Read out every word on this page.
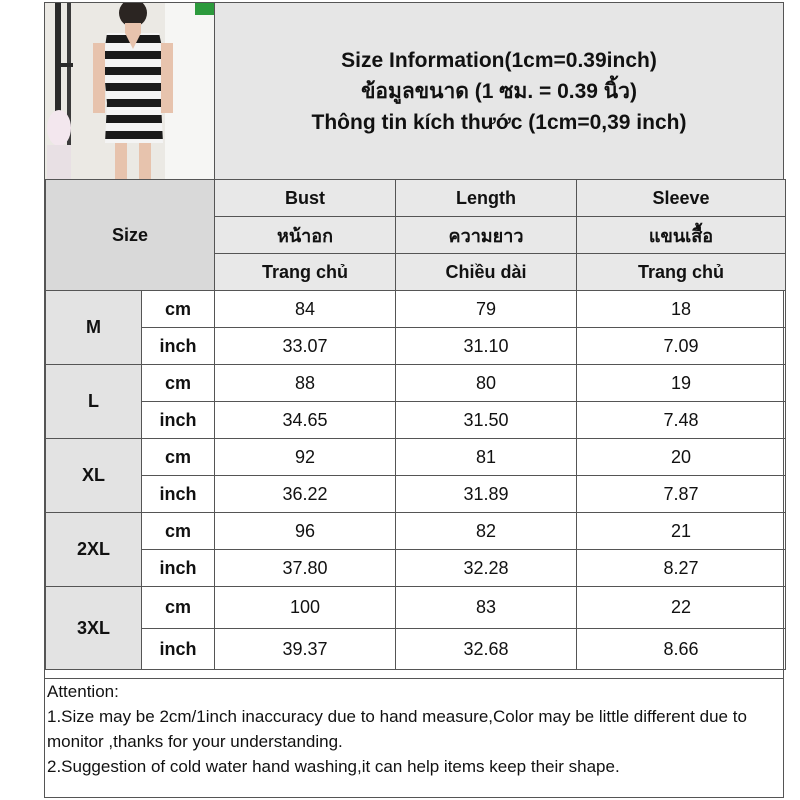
Size Information(1cm=0.39inch)
ข้อมูลขนาด (1 ซม. = 0.39 นิ้ว)
Thông tin kích thước (1cm=0,39 inch)
Size		Bust	Length	Sleeve
		หน้าอก	ความยาว	แขนเสื้อ
		Trang chủ	Chiều dài	Trang chủ
M	cm	84	79	18
	inch	33.07	31.10	7.09
L	cm	88	80	19
	inch	34.65	31.50	7.48
XL	cm	92	81	20
	inch	36.22	31.89	7.87
2XL	cm	96	82	21
	inch	37.80	32.28	8.27
3XL	cm	100	83	22
	inch	39.37	32.68	8.66

Attention:

1.Size may be 2cm/1inch inaccuracy due to hand measure,Color may be little different due to monitor ,thanks for your understanding.

2.Suggestion of cold water hand washing,it can help items keep their shape.
